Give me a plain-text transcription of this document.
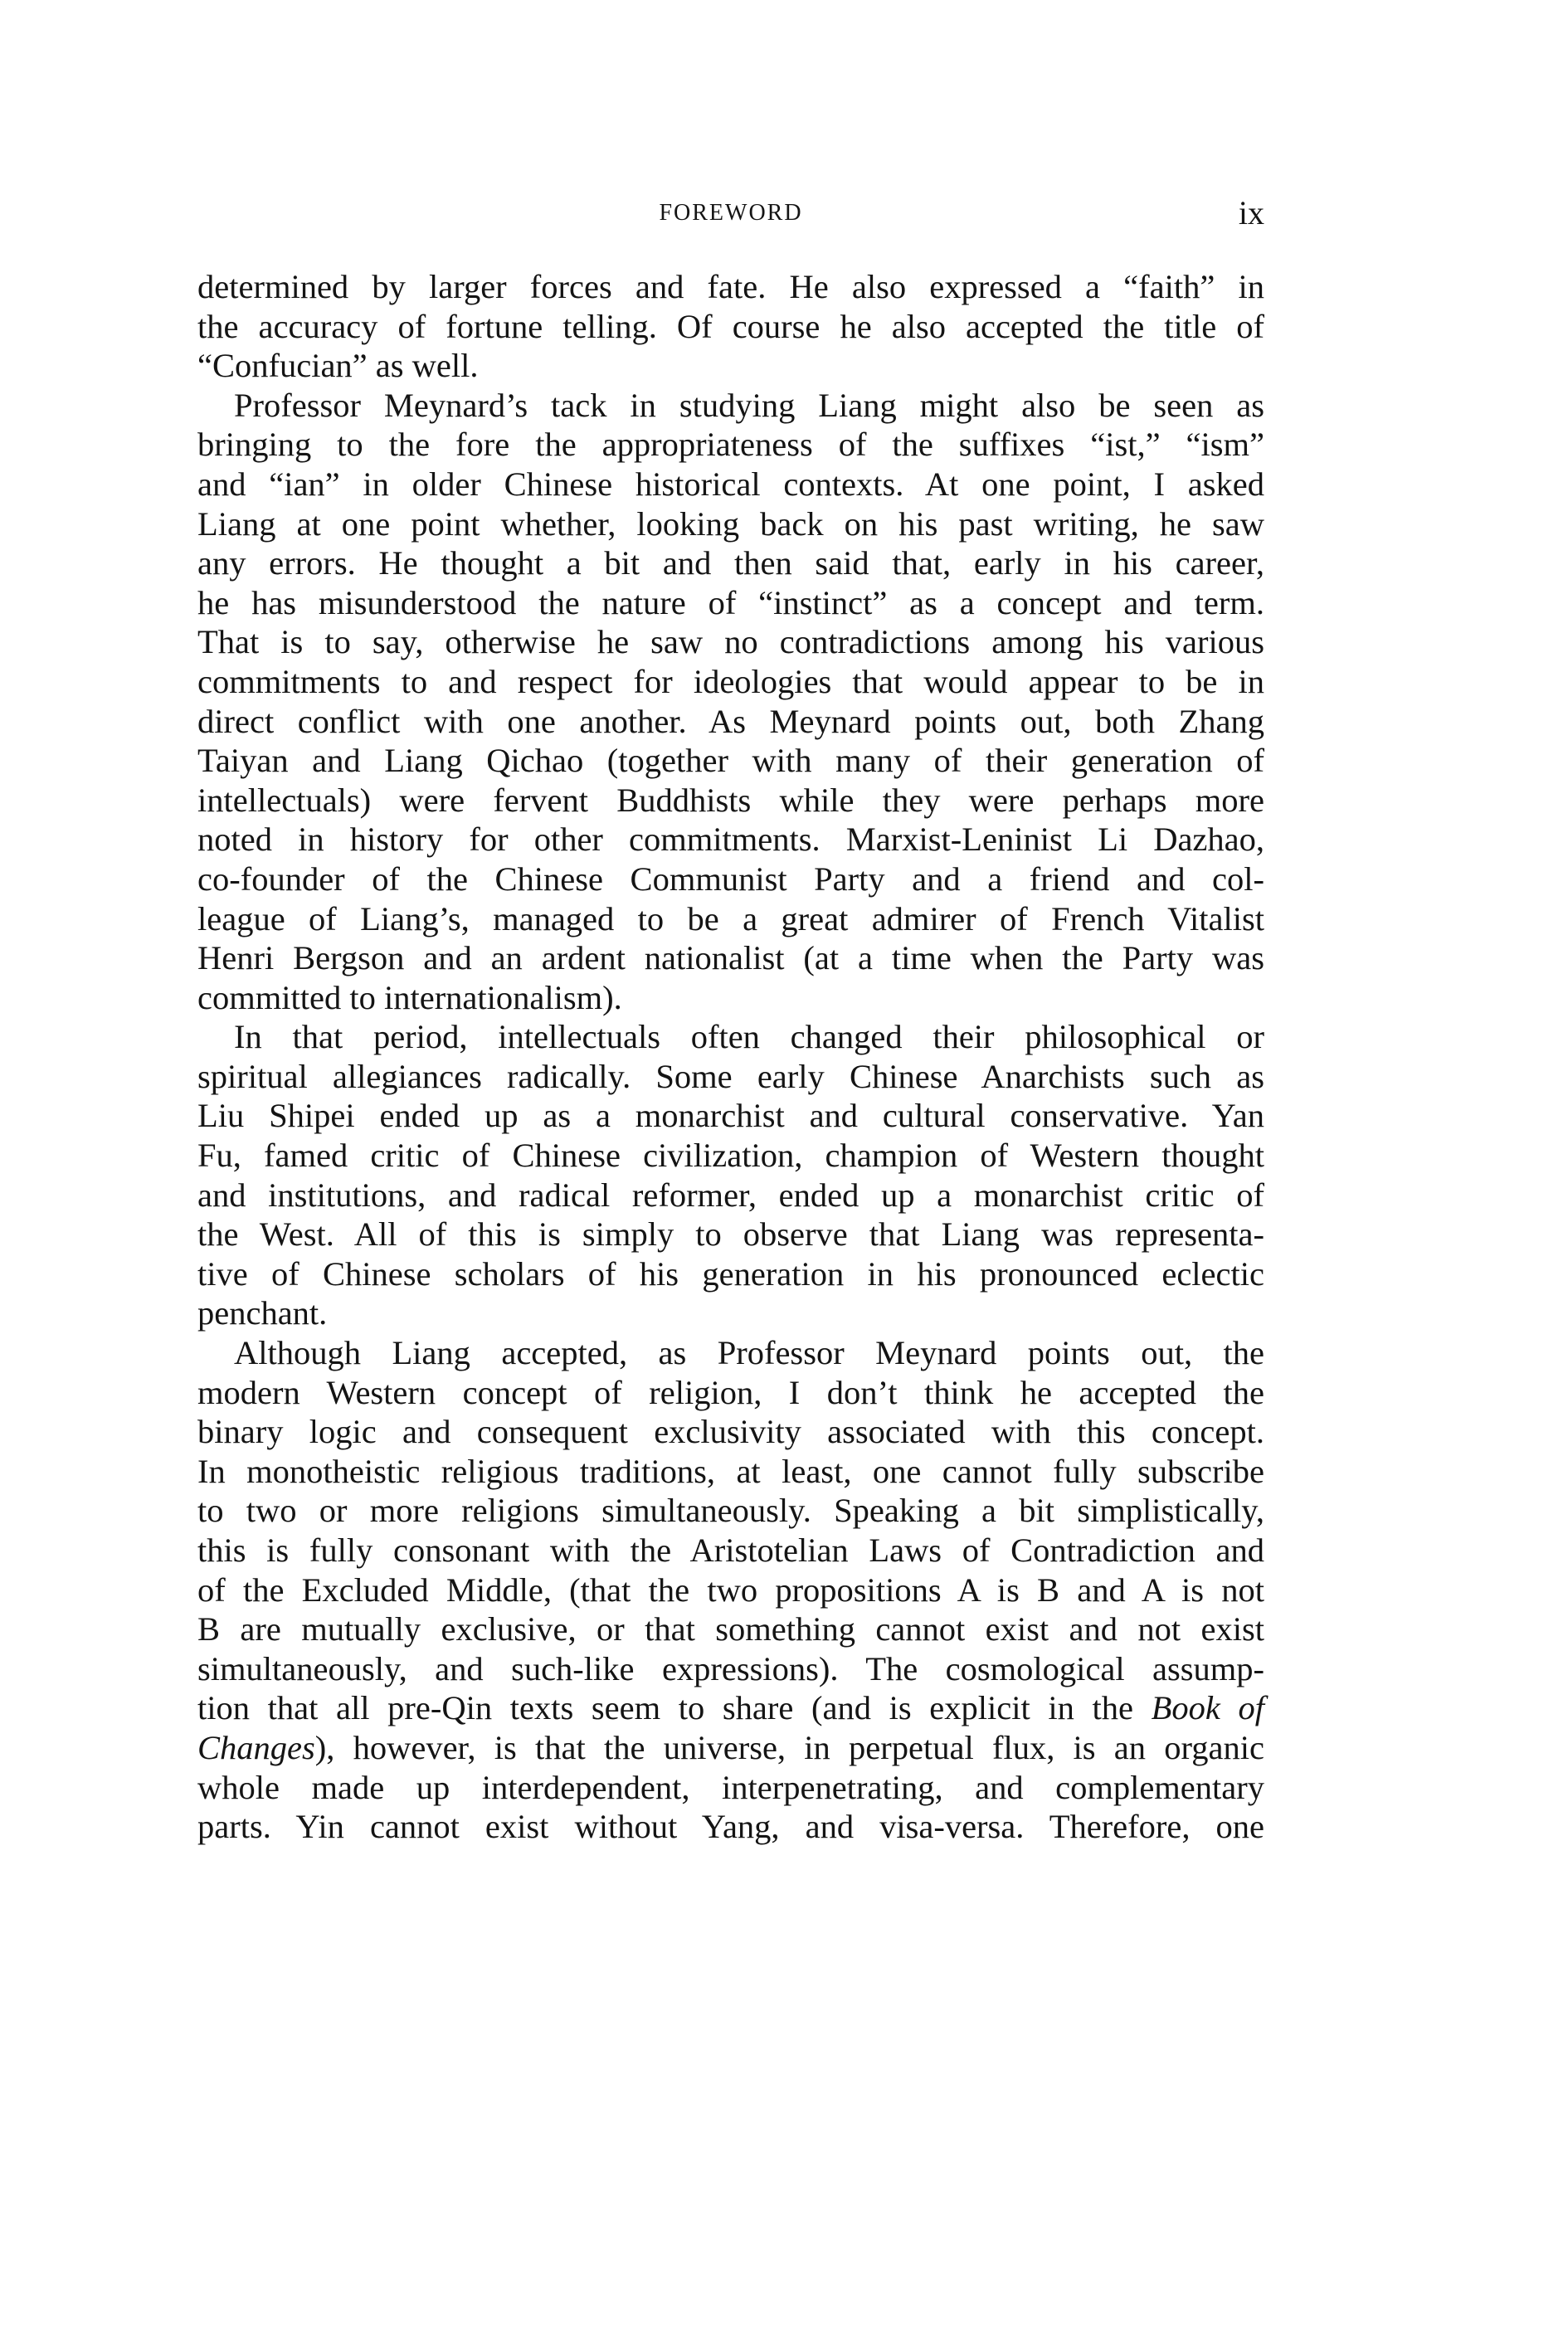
FOREWORD	ix
determined by larger forces and fate. He also expressed a “faith” in
the accuracy of fortune telling. Of course he also accepted the title of
“Confucian” as well.
Professor Meynard’s tack in studying Liang might also be seen as
bringing to the fore the appropriateness of the suffixes “ist,” “ism”
and “ian” in older Chinese historical contexts. At one point, I asked
Liang at one point whether, looking back on his past writing, he saw
any errors. He thought a bit and then said that, early in his career,
he has misunderstood the nature of “instinct” as a concept and term.
That is to say, otherwise he saw no contradictions among his various
commitments to and respect for ideologies that would appear to be in
direct conflict with one another. As Meynard points out, both Zhang
Taiyan and Liang Qichao (together with many of their generation of
intellectuals) were fervent Buddhists while they were perhaps more
noted in history for other commitments. Marxist-Leninist Li Dazhao,
co-founder of the Chinese Communist Party and a friend and col-
league of Liang’s, managed to be a great admirer of French Vitalist
Henri Bergson and an ardent nationalist (at a time when the Party was
committed to internationalism).
In that period, intellectuals often changed their philosophical or
spiritual allegiances radically. Some early Chinese Anarchists such as
Liu Shipei ended up as a monarchist and cultural conservative. Yan
Fu, famed critic of Chinese civilization, champion of Western thought
and institutions, and radical reformer, ended up a monarchist critic of
the West. All of this is simply to observe that Liang was representa-
tive of Chinese scholars of his generation in his pronounced eclectic
penchant.
Although Liang accepted, as Professor Meynard points out, the
modern Western concept of religion, I don’t think he accepted the
binary logic and consequent exclusivity associated with this concept.
In monotheistic religious traditions, at least, one cannot fully subscribe
to two or more religions simultaneously. Speaking a bit simplistically,
this is fully consonant with the Aristotelian Laws of Contradiction and
of the Excluded Middle, (that the two propositions A is B and A is not
B are mutually exclusive, or that something cannot exist and not exist
simultaneously, and such-like expressions). The cosmological assump-
tion that all pre-Qin texts seem to share (and is explicit in the Book of
Changes), however, is that the universe, in perpetual flux, is an organic
whole made up interdependent, interpenetrating, and complementary
parts. Yin cannot exist without Yang, and visa-versa. Therefore, one
